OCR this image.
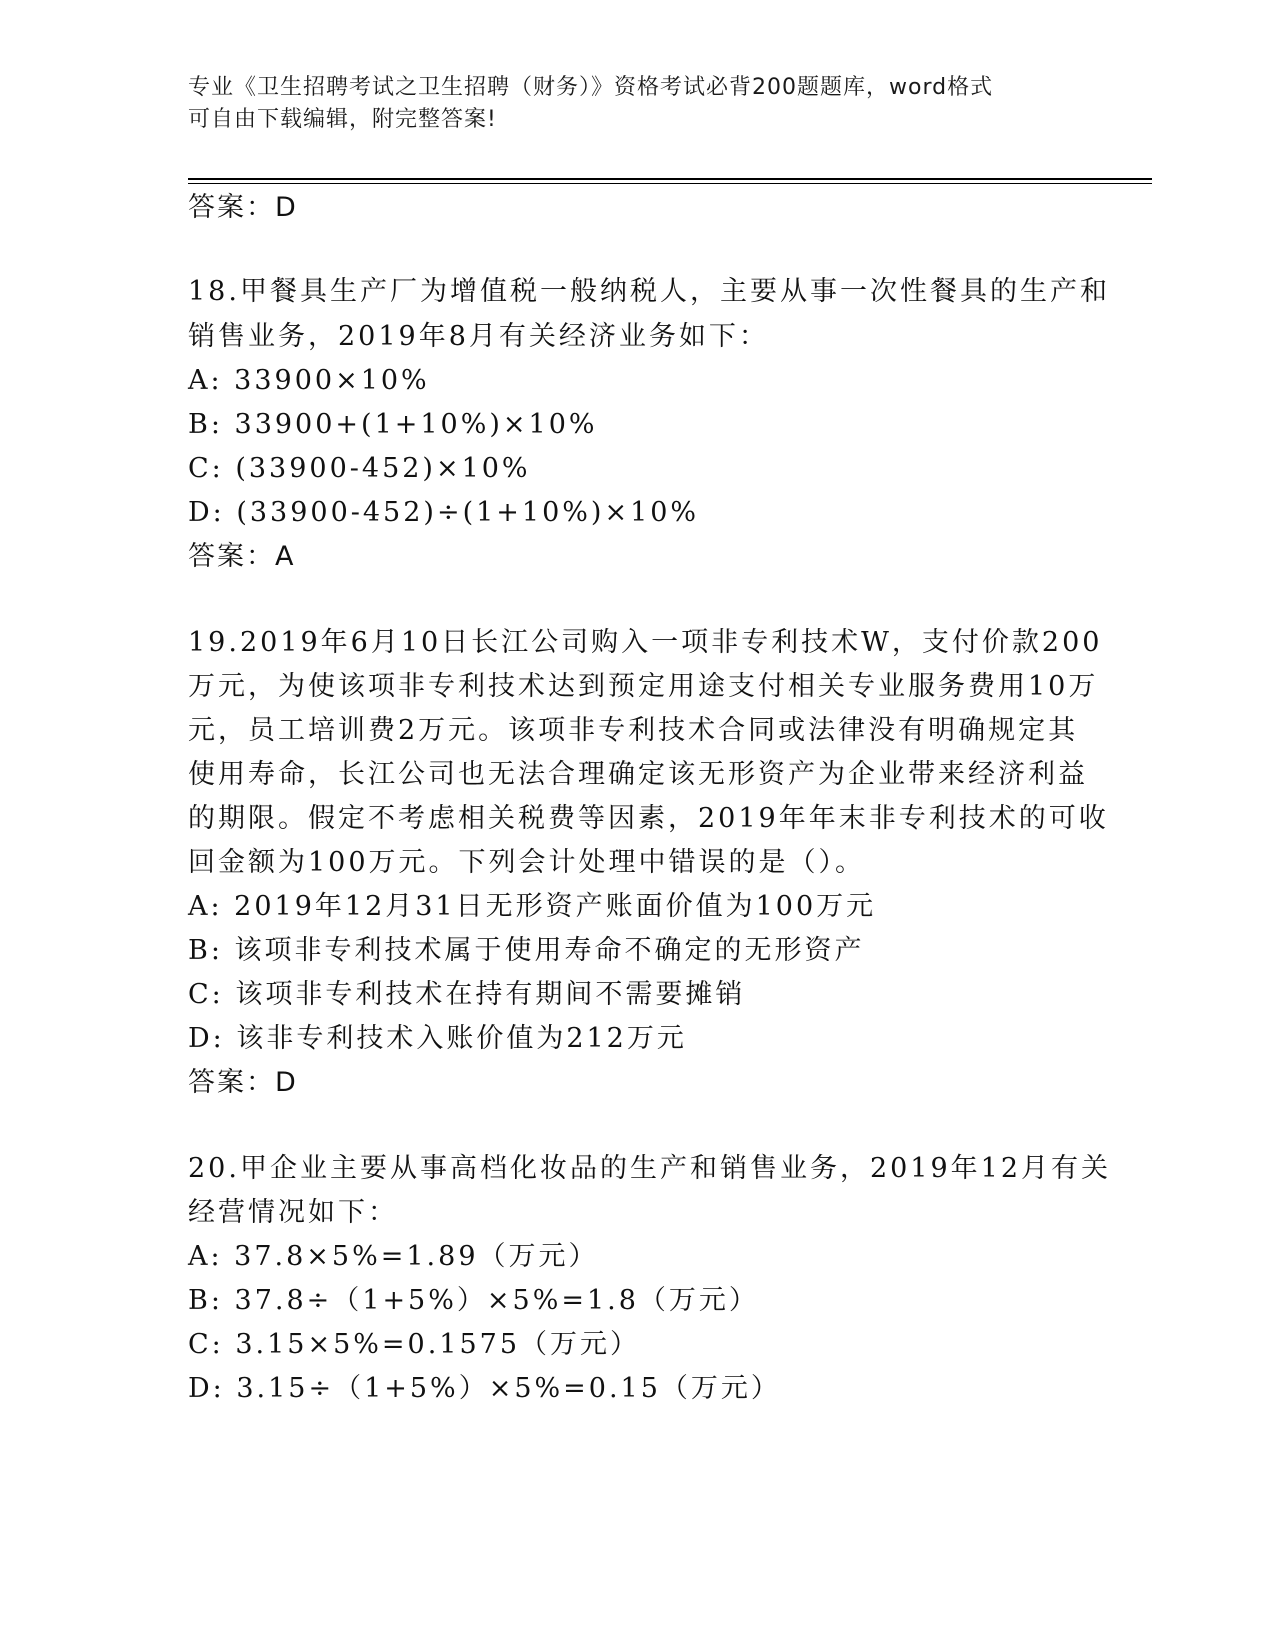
专业《卫生招聘考试之卫生招聘（财务）》资格考试必背200题题库，word格式
可自由下载编辑，附完整答案!
答案：D
18.甲餐具生产厂为增值税一般纳税人，主要从事一次性餐具的生产和
销售业务，2019年8月有关经济业务如下：
A: 33900×10%
B: 33900+(1+10%)×10%
C: (33900-452)×10%
D: (33900-452)÷(1+10%)×10%
答案：A
19.2019年6月10日长江公司购入一项非专利技术W，支付价款200
万元，为使该项非专利技术达到预定用途支付相关专业服务费用10万
元，员工培训费2万元。该项非专利技术合同或法律没有明确规定其
使用寿命，长江公司也无法合理确定该无形资产为企业带来经济利益
的期限。假定不考虑相关税费等因素，2019年年末非专利技术的可收
回金额为100万元。下列会计处理中错误的是（）。
A: 2019年12月31日无形资产账面价值为100万元
B: 该项非专利技术属于使用寿命不确定的无形资产
C: 该项非专利技术在持有期间不需要摊销
D: 该非专利技术入账价值为212万元
答案：D
20.甲企业主要从事高档化妆品的生产和销售业务，2019年12月有关
经营情况如下：
A: 37.8×5%=1.89（万元）
B: 37.8÷（1+5%）×5%=1.8（万元）
C: 3.15×5%=0.1575（万元）
D: 3.15÷（1+5%）×5%=0.15（万元）
